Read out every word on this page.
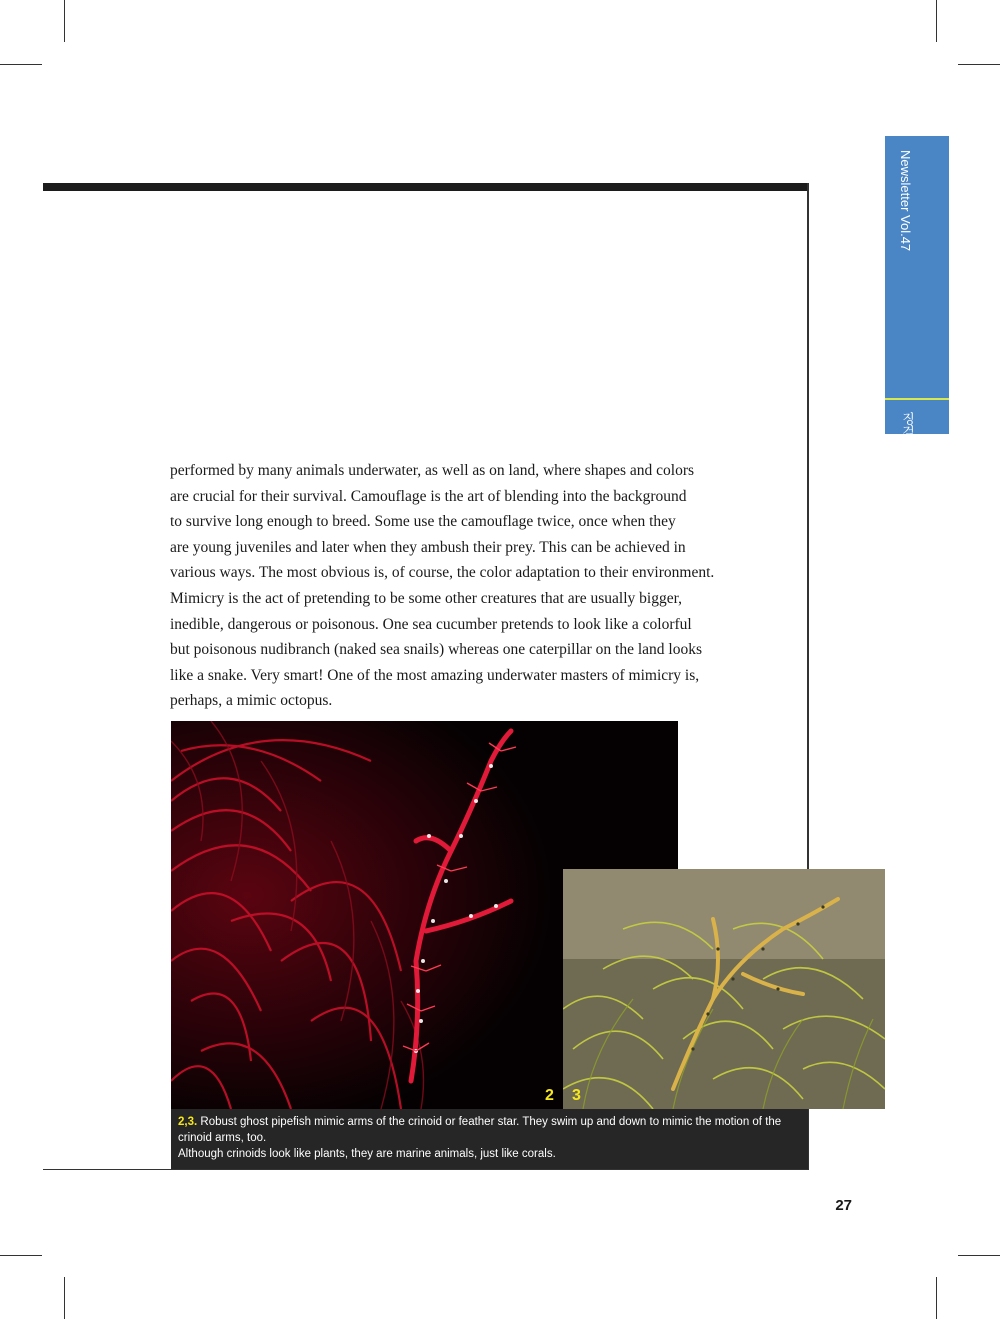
Newsletter Vol.47
징검다리

performed by many animals underwater, as well as on land, where shapes and colors
are crucial for their survival. Camouflage is the art of blending into the background
to survive long enough to breed. Some use the camouflage twice, once when they
are young juveniles and later when they ambush their prey. This can be achieved in
various ways. The most obvious is, of course, the color adaptation to their environment.
Mimicry is the act of pretending to be some other creatures that are usually bigger,
inedible, dangerous or poisonous. One sea cucumber pretends to look like a colorful
but poisonous nudibranch (naked sea snails) whereas one caterpillar on the land looks
like a snake. Very smart! One of the most amazing underwater masters of mimicry is,
perhaps, a mimic octopus.

2 3
2,3. Robust ghost pipefish mimic arms of the crinoid or feather star. They swim up and down to mimic the motion of the
crinoid arms, too.
Although crinoids look like plants, they are marine animals, just like corals.
27
